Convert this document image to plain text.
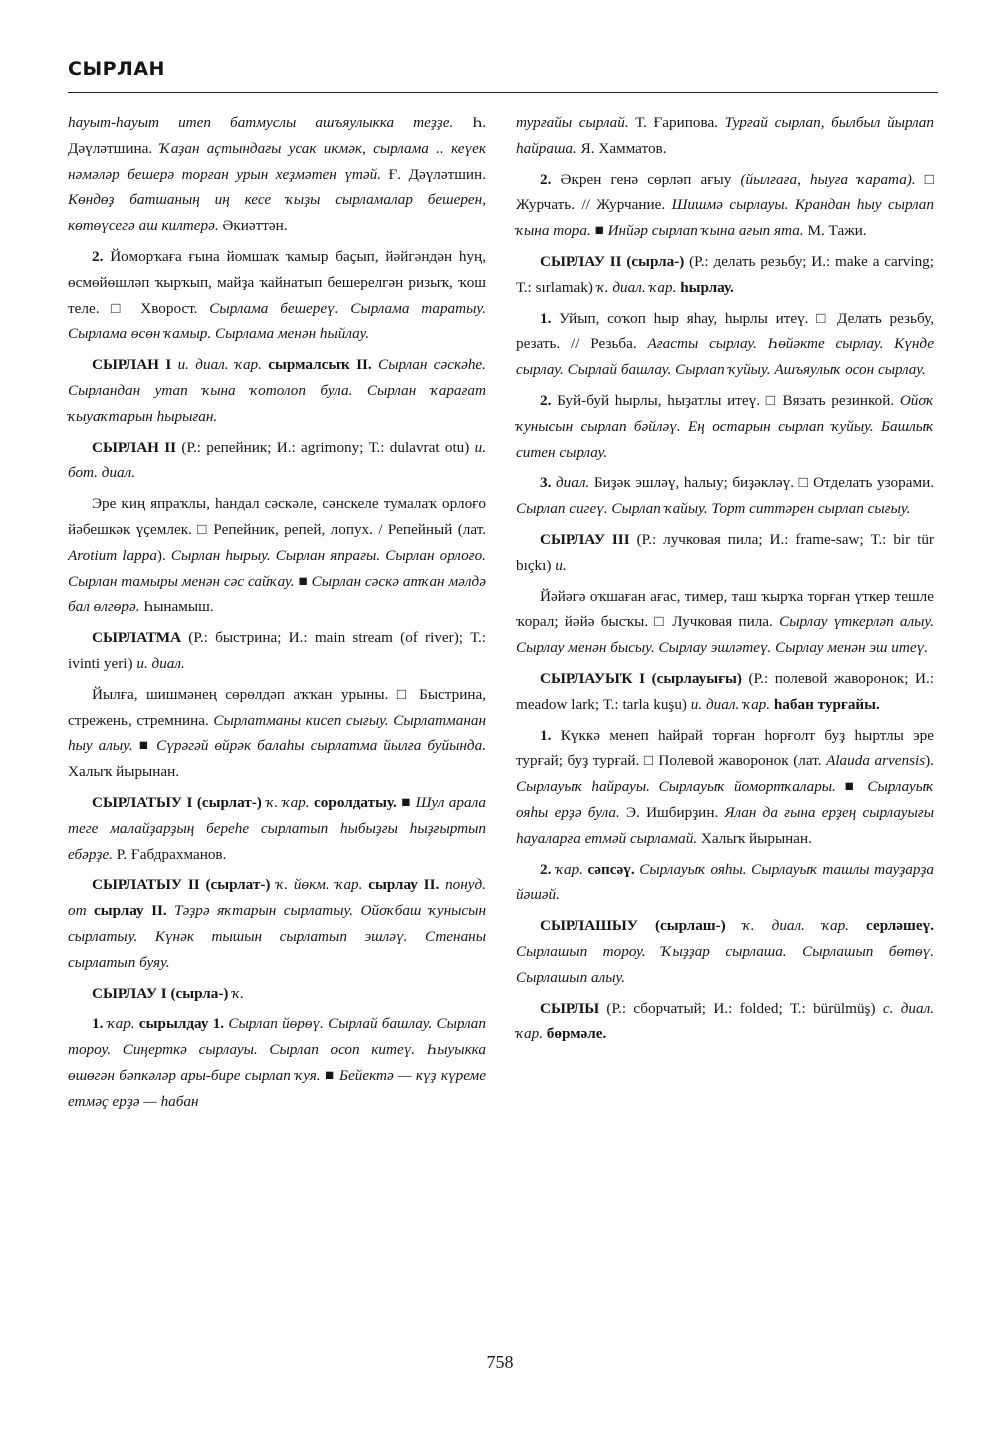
СЫРЛАН

hауыт-hауыт итеп батмуслы ашъяулыкка теҙҙе. Һ. Дәүләтшина. Ҡаҙан аҫтындағы усак икмәк, сырлама .. кеүек нәмәләр бешерә торған урын хеҙмәтен үтәй. Ғ. Дәүләтшин. Көндөҙ батшаның иң кесе ҡыҙы сырламалар бешерен, көтөүсегә аш килтерә. Әкиәттән.

2. Йоморҡаға ғына йомшаҡ ҡамыр баҫып, йәйгәндән һуң, өсмөйөшләп ҡырҡып, майҙа ҡайнатып бешерелгән ризыҡ, ҡош теле. □ Хворост. Сырлама бешереү. Сырлама таратыу. Сырлама өсөн ҡамыр. Сырлама менән һыйлау.

СЫРЛАН I и. диал. ҡар. сырмалсыҡ II. Сырлан сәскәһе. Сырландан утап ҡына ҡотолоп була. Сырлан ҡарағат ҡыуаҡтарын һырыған.

СЫРЛАН II (Р.: репейник; И.: agrimony; Т.: dulavrat otu) и. бот. диал.

Эре киң япраҡлы, һандал сәскәле, сәнскеле тумалаҡ орлоғо йәбешкәк үҫемлек. □ Репейник, репей, лопух. / Репейный (лат. Arotium lappa). Сырлан һырыу. Сырлан япрағы. Сырлан орлоғо. Сырлан тамыры менән сәс сайҡау. ■ Сырлан сәскә атҡан мәлдә бал өлгөрә. Һынамыш.

СЫРЛАТМА (Р.: быстрина; И.: main stream (of river); Т.: ivinti yeri) и. диал.

Йылға, шишмәнең сөрөлдәп аҡҡан урыны. □ Быстрина, стрежень, стремнина. Сырлатманы кисеп сығыу. Сырлатманан һыу алыу. ■ Сүрәгәй өйрәк балаһы сырлатма йылға буйында. Халыҡ йырынан.

СЫРЛАТЫУ I (сырлат-) ҡ. ҡар. соролдатыу. ■ Шул арала теге малайҙарҙың береһе сырлатып һыбыҙғы һыҙғыртып ебәрҙе. Р. Ғабдрахманов.

СЫРЛАТЫУ II (сырлат-) ҡ. йөкм. ҡар. сырлау II. понуд. от сырлау II. Тәҙрә яҡтарын сырлатыу. Ойоҡбаш ҡунысын сырлатыу. Күнәк тышын сырлатып эшләү. Стенаны сырлатып буяу.

СЫРЛАУ I (сырла-) ҡ.

1. ҡар. сырылдау 1. Сырлап йөрөү. Сырлай башлау. Сырлап тороу. Сиңерткә сырлауы. Сырлап осоп китеү. Һыуыкка өшөгән бәпкәләр ары-бире сырлап ҡуя. ■ Бейектә — күҙ күреме етмәҫ ерҙә — һабан

турғайы сырлай. Т. Ғарипова. Турғай сырлап, былбыл йырлап һайраша. Я. Хамматов.

2. Әкрен генә сөрләп ағыу (йылғаға, һыуға ҡарата). □ Журчать. // Журчание. Шишмә сырлауы. Крандан һыу сырлап ҡына тора. ■ Инйәр сырлап ҡына ағып ята. М. Тажи.

СЫРЛАУ II (сырла-) (Р.: делать резьбу; И.: make a carving; Т.: sırlamak) ҡ. диал. ҡар. һырлау.

1. Уйып, соҡоп һыр яһау, һырлы итеү. □ Делать резьбу, резать. // Резьба. Ағасты сырлау. Һөйәкте сырлау. Күнде сырлау. Сырлай башлау. Сырлап ҡуйыу. Ашъяулыҡ осон сырлау.

2. Буй-буй һырлы, һыҙатлы итеү. □ Вязать резинкой. Ойоҡ ҡунысын сырлап бәйләү. Ең остарын сырлап ҡуйыу. Башлыҡ ситен сырлау.

3. диал. Биҙәк эшләү, һалыу; биҙәкләү. □ Отделать узорами. Сырлап сигеү. Сырлап ҡайыу. Торт ситтәрен сырлап сығыу.

СЫРЛАУ III (Р.: лучковая пила; И.: frame-saw; Т.: bir tür bıçkı) и.

Йәйәгә оҡшаған ағас, тимер, таш ҡырҡа торған үткер тешле ҡорал; йәйә бысҡы. □ Лучковая пила. Сырлау үткерләп алыу. Сырлау менән бысыу. Сырлау эшләтеү. Сырлау менән эш итеү.

СЫРЛАУЫҠ I (сырлауығы) (Р.: полевой жаворонок; И.: meadow lark; Т.: tarla kuşu) и. диал. ҡар. һабан турғайы.

1. Күккә менеп һайрай торған һорғолт буҙ һыртлы эре турғай; буҙ турғай. □ Полевой жаворонок (лат. Alauda arvensis). Сырлауыҡ һайрауы. Сырлауыҡ йомортҡалары. ■ Сырлауыҡ ояһы ерҙә була. Э. Ишбирҙин. Ялан да ғына ерҙең сырлауығы һауаларға етмәй сырламай. Халыҡ йырынан.

2. ҡар. сәпсәү. Сырлауыҡ ояһы. Сырлауыҡ ташлы тауҙарҙа йәшәй.

СЫРЛАШЫУ (сырлаш-) ҡ. диал. ҡар. серләшеү. Сырлашып тороу. Ҡыҙҙар сырлаша. Сырлашып бөтөү. Сырлашып алыу.

СЫРЛЫ (Р.: сборчатый; И.: folded; Т.: bürülmüş) с. диал. ҡар. бөрмәле.

758
